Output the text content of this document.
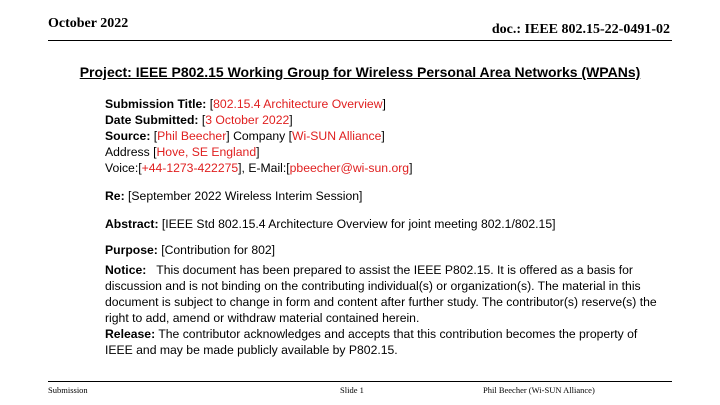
October 2022	doc.: IEEE 802.15-22-0491-02
Project: IEEE P802.15 Working Group for Wireless Personal Area Networks (WPANs)
Submission Title: [802.15.4 Architecture Overview]
Date Submitted: [3 October 2022]
Source: [Phil Beecher] Company [Wi-SUN Alliance]
Address [Hove, SE England]
Voice:[+44-1273-422275], E-Mail:[pbeecher@wi-sun.org]
Re: [September 2022 Wireless Interim Session]
Abstract: [IEEE Std 802.15.4 Architecture Overview for joint meeting 802.1/802.15]
Purpose: [Contribution for 802]
Notice: This document has been prepared to assist the IEEE P802.15. It is offered as a basis for discussion and is not binding on the contributing individual(s) or organization(s). The material in this document is subject to change in form and content after further study. The contributor(s) reserve(s) the right to add, amend or withdraw material contained herein.
Release: The contributor acknowledges and accepts that this contribution becomes the property of IEEE and may be made publicly available by P802.15.
Submission	Slide 1	Phil Beecher (Wi-SUN Alliance)
